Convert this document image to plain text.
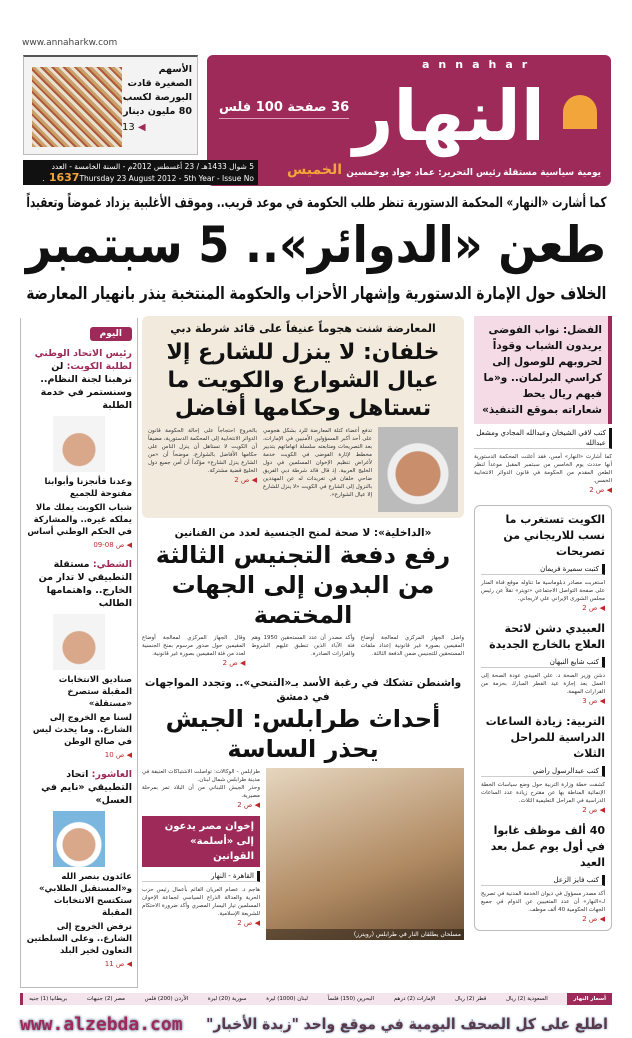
www.annaharkw.com
الأسهم الصغيرة قادت البورصة لكسب 80 مليون دينار
◀ 13
annahar
النهار
يومية سياسية مستقلة
رئيس التحرير: عماد جواد بوخمسين
36 صفحة 100 فلس
الخميس
5 شوال 1433هـ / 23 أغسطس 2012م - السنة الخامسة - العدد
1637Thursday 23 August 2012 - 5th Year - Issue No.
كما أشارت «النهار» المحكمة الدستورية تنظر طلب الحكومة في موعد قريب.. وموقف الأغلبية يزداد غموضاً وتعقيداً
طعن «الدوائر».. 5 سبتمبر
الخلاف حول الإمارة الدستورية وإشهار الأحزاب والحكومة المنتخبة ينذر بانهيار المعارضة
اليوم
رئيس الاتحاد الوطني لطلبة الكويت: لن ترهبنا لجنة النظام.. وسنستمر في خدمة الطلبة

وعدنا فأنجزنا وأبوابنا مفتوحة للجميع

شباب الكويت يملك مالا يملكه غيره.. والمشاركة في الحكم الوطني أساس

◀ ص 08-09
الشطي: مستقلة التطبيقي لا تدار من الخارج.. واهتمامها الطالب

صناديق الانتخابات المقبلة ستصرخ «مستقلة»

لسنا مع الخروج إلى الشارع.. وما يحدث ليس في صالح الوطن

◀ ص 10
العاشور: اتحاد التطبيقي «نايم في العسل»

عائدون بنصر الله و«المستقبل الطلابي» ستكتسح الانتخابات المقبلة

نرفض الخروج إلى الشارع.. وعلى السلطتين التعاون لخير البلد

◀ ص 11
المعارضة شنت هجوماً عنيفاً على قائد شرطة دبي
خلفان: لا ينزل للشارع إلا عيال الشوارع والكويت ما تستاهل وحكامها أفاضل
تدفع أعضاء كتلة المعارضة للرد بشكل هجومي على أحد أكبر المسؤولين الأمنيين في الإمارات، بعد التصريحات ومتابعته سلسلة اتهاماتهم بتدبير مخطط لإثارة الفوضى في الكويت خدمة لأغراض تنظيم الإخوان المسلمين في دول الخليج العربية. إذ قال قائد شرطة دبي الفريق ضاحي خلفان في تغريدات له عن المهددين بالنزول إلى الشارع في الكويت «لا ينزل للشارع إلا عيال الشوارع».
بالخروج احتجاجاً على إحالة الحكومة قانون الدوائر الانتخابية إلى المحكمة الدستورية، مضيفاً أن الكويت لا تستاهل أن ينزل الناس على حكامها الأفاضل بالشوارع، موضحاً أن «من الشارع ينزل الشارع» مؤكداً أن أمن جميع دول الخليج قضية مشتركة.
◀ ص 2
«الداخلية»: لا صحة لمنح الجنسية لعدد من الفنانين
رفع دفعة التجنيس الثالثة من البدون إلى الجهات المختصة
واصل الجهاز المركزي لمعالجة أوضاع المقيمين بصورة غير قانونية إعداد ملفات المستحقين للتجنيس ضمن الدفعة الثالثة.
وأكد مصدر أن عدد المستحقين 1950 وهم فئة الآباء الذين تنطبق عليهم الشروط والقرارات الصادرة.
وقال الجهاز المركزي لمعالجة أوضاع المقيمين حول صدور مرسوم بمنح الجنسية لعدد من فئة المقيمين بصورة غير قانونية.
◀ ص 2
واشنطن تشكك في رغبة الأسد بـ«التنحي».. وتجدد المواجهات في دمشق
أحداث طرابلس: الجيش يحذر الساسة
مسلحان يطلقان النار في طرابلس (رويترز)
طرابلس - الوكالات: تواصلت الاشتباكات العنيفة في مدينة طرابلس شمال لبنان.
وحذر الجيش اللبناني من أن البلاد تمر بمرحلة مصيرية.
◀ ص 2
إخوان مصر يدعون إلى «أسلمة» القوانين
القاهرة - النهار
هاجم د. عصام العريان القائم بأعمال رئيس حزب الحرية والعدالة الذراع السياسي لجماعة الإخوان المسلمين تيار اليسار المصري وأكد ضرورة الاحتكام للشريعة الإسلامية.
◀ ص 2
الفضل: نواب الفوضى يريدون الشباب وقوداً لحروبهم للوصول إلى كراسي البرلمان.. و«ما فيهم ريال يحط شعاراته بموقع التنفيذ»
كتب لافي الشيخان وعبدالله المجادي ومشعل عبدالله
كما أشارت «النهار» أمس، فقد أعلنت المحكمة الدستورية أنها حددت يوم الخامس من سبتمبر المقبل موعداً لنظر الطعن المقدم من الحكومة في قانون الدوائر الانتخابية الخمس.
◀ ص 2
الكويت تستغرب ما نسب للاريجاني من تصريحات
كتبت سميرة فريمان
استغربت مصادر دبلوماسية ما تناوله موقع قناة المنار على صفحة التواصل الاجتماعي «تويتر» نقلاً عن رئيس مجلس الشورى الإيراني علي لاريجاني.
◀ ص 2
العبيدي دشن لائحة العلاج بالخارج الجديدة
كتب شايع النبهان
دشن وزير الصحة د. علي العبيدي عودة الصحة إلى العمل بعد إجازة عيد الفطر المبارك بحزمة من القرارات المهمة.
◀ ص 3
التربية: زيادة الساعات الدراسية للمراحل الثلاث
كتب عبدالرسول راضي
كشفت خطة وزارة التربية حول وضع سياسات الخطة الإنمائية المناطة بها عن مقترح زيادة عدد الساعات الدراسية في المراحل التعليمية الثلاث.
◀ ص 2
40 ألف موظف غابوا في أول يوم عمل بعد العيد
كتب فايز الزعل
أكد مصدر مسؤول في ديوان الخدمة المدنية في تصريح لـ«النهار» أن عدد المتغيبين عن الدوام في جميع الجهات الحكومية 40 ألف موظف.
◀ ص 2
أسعار النهار
السعودية (2) ريال
قطر (2) ريال
الإمارات (2) درهم
البحرين (150) فلساً
لبنان (1000) ليرة
سورية (20) ليرة
الأردن (200) فلس
مصر (2) جنيهات
بريطانيا (1) جنيه
www.alzebda.com اطلع على كل الصحف اليومية في موقع واحد "زبدة الأخبار"
